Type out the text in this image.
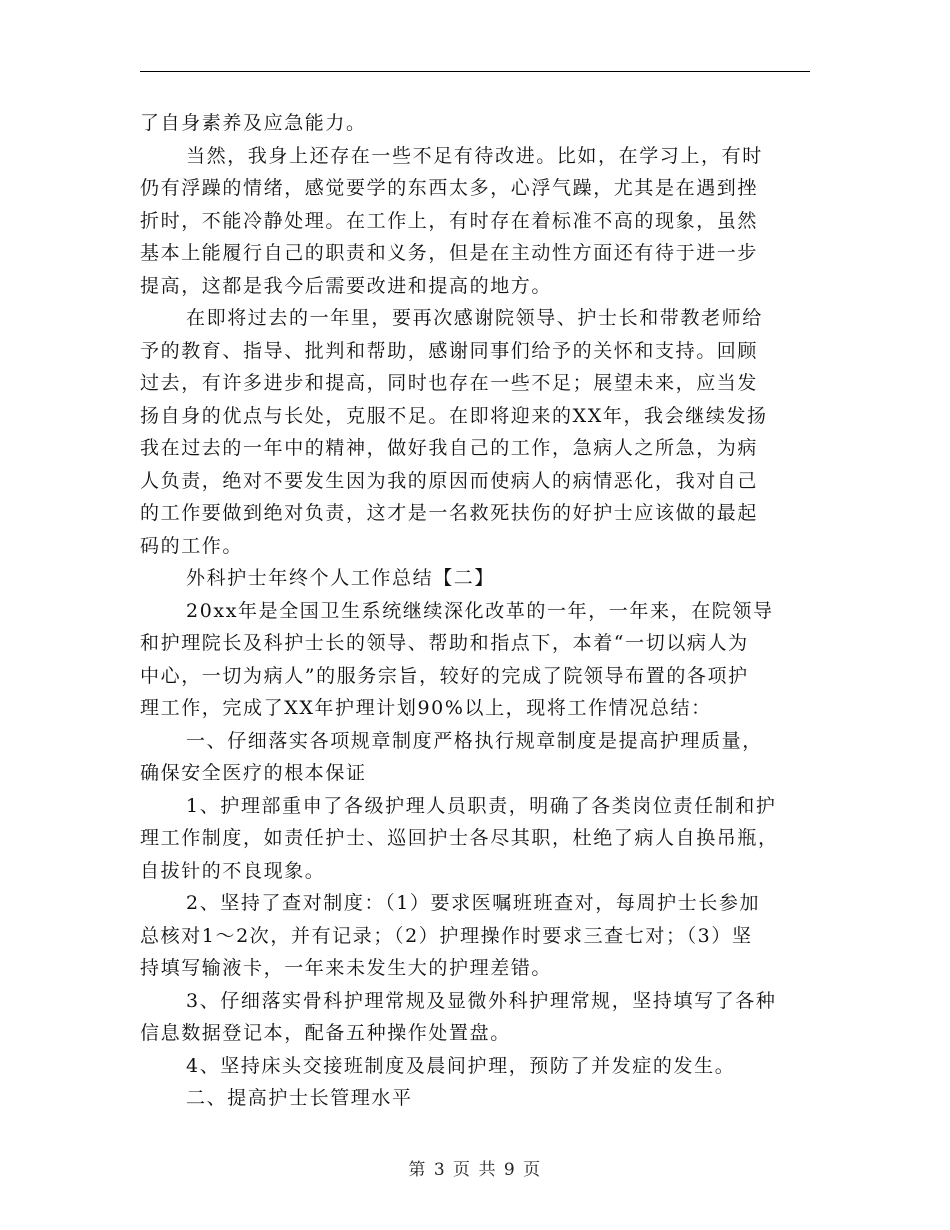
了自身素养及应急能力。
当然，我身上还存在一些不足有待改进。比如，在学习上，有时
仍有浮躁的情绪，感觉要学的东西太多，心浮气躁，尤其是在遇到挫
折时，不能冷静处理。在工作上，有时存在着标准不高的现象，虽然
基本上能履行自己的职责和义务，但是在主动性方面还有待于进一步
提高，这都是我今后需要改进和提高的地方。
在即将过去的一年里，要再次感谢院领导、护士长和带教老师给
予的教育、指导、批判和帮助，感谢同事们给予的关怀和支持。回顾
过去，有许多进步和提高，同时也存在一些不足；展望未来，应当发
扬自身的优点与长处，克服不足。在即将迎来的XX年，我会继续发扬
我在过去的一年中的精神，做好我自己的工作，急病人之所急，为病
人负责，绝对不要发生因为我的原因而使病人的病情恶化，我对自己
的工作要做到绝对负责，这才是一名救死扶伤的好护士应该做的最起
码的工作。
外科护士年终个人工作总结【二】
20xx年是全国卫生系统继续深化改革的一年，一年来，在院领导
和护理院长及科护士长的领导、帮助和指点下，本着“一切以病人为
中心，一切为病人”的服务宗旨，较好的完成了院领导布置的各项护
理工作，完成了XX年护理计划90%以上，现将工作情况总结：
一、仔细落实各项规章制度严格执行规章制度是提高护理质量，
确保安全医疗的根本保证
1、护理部重申了各级护理人员职责，明确了各类岗位责任制和护
理工作制度，如责任护士、巡回护士各尽其职，杜绝了病人自换吊瓶，
自拔针的不良现象。
2、坚持了查对制度：（1）要求医嘱班班查对，每周护士长参加
总核对1～2次，并有记录；（2）护理操作时要求三查七对；（3）坚
持填写输液卡，一年来未发生大的护理差错。
3、仔细落实骨科护理常规及显微外科护理常规，坚持填写了各种
信息数据登记本，配备五种操作处置盘。
4、坚持床头交接班制度及晨间护理，预防了并发症的发生。
二、提高护士长管理水平
第 3 页 共 9 页
